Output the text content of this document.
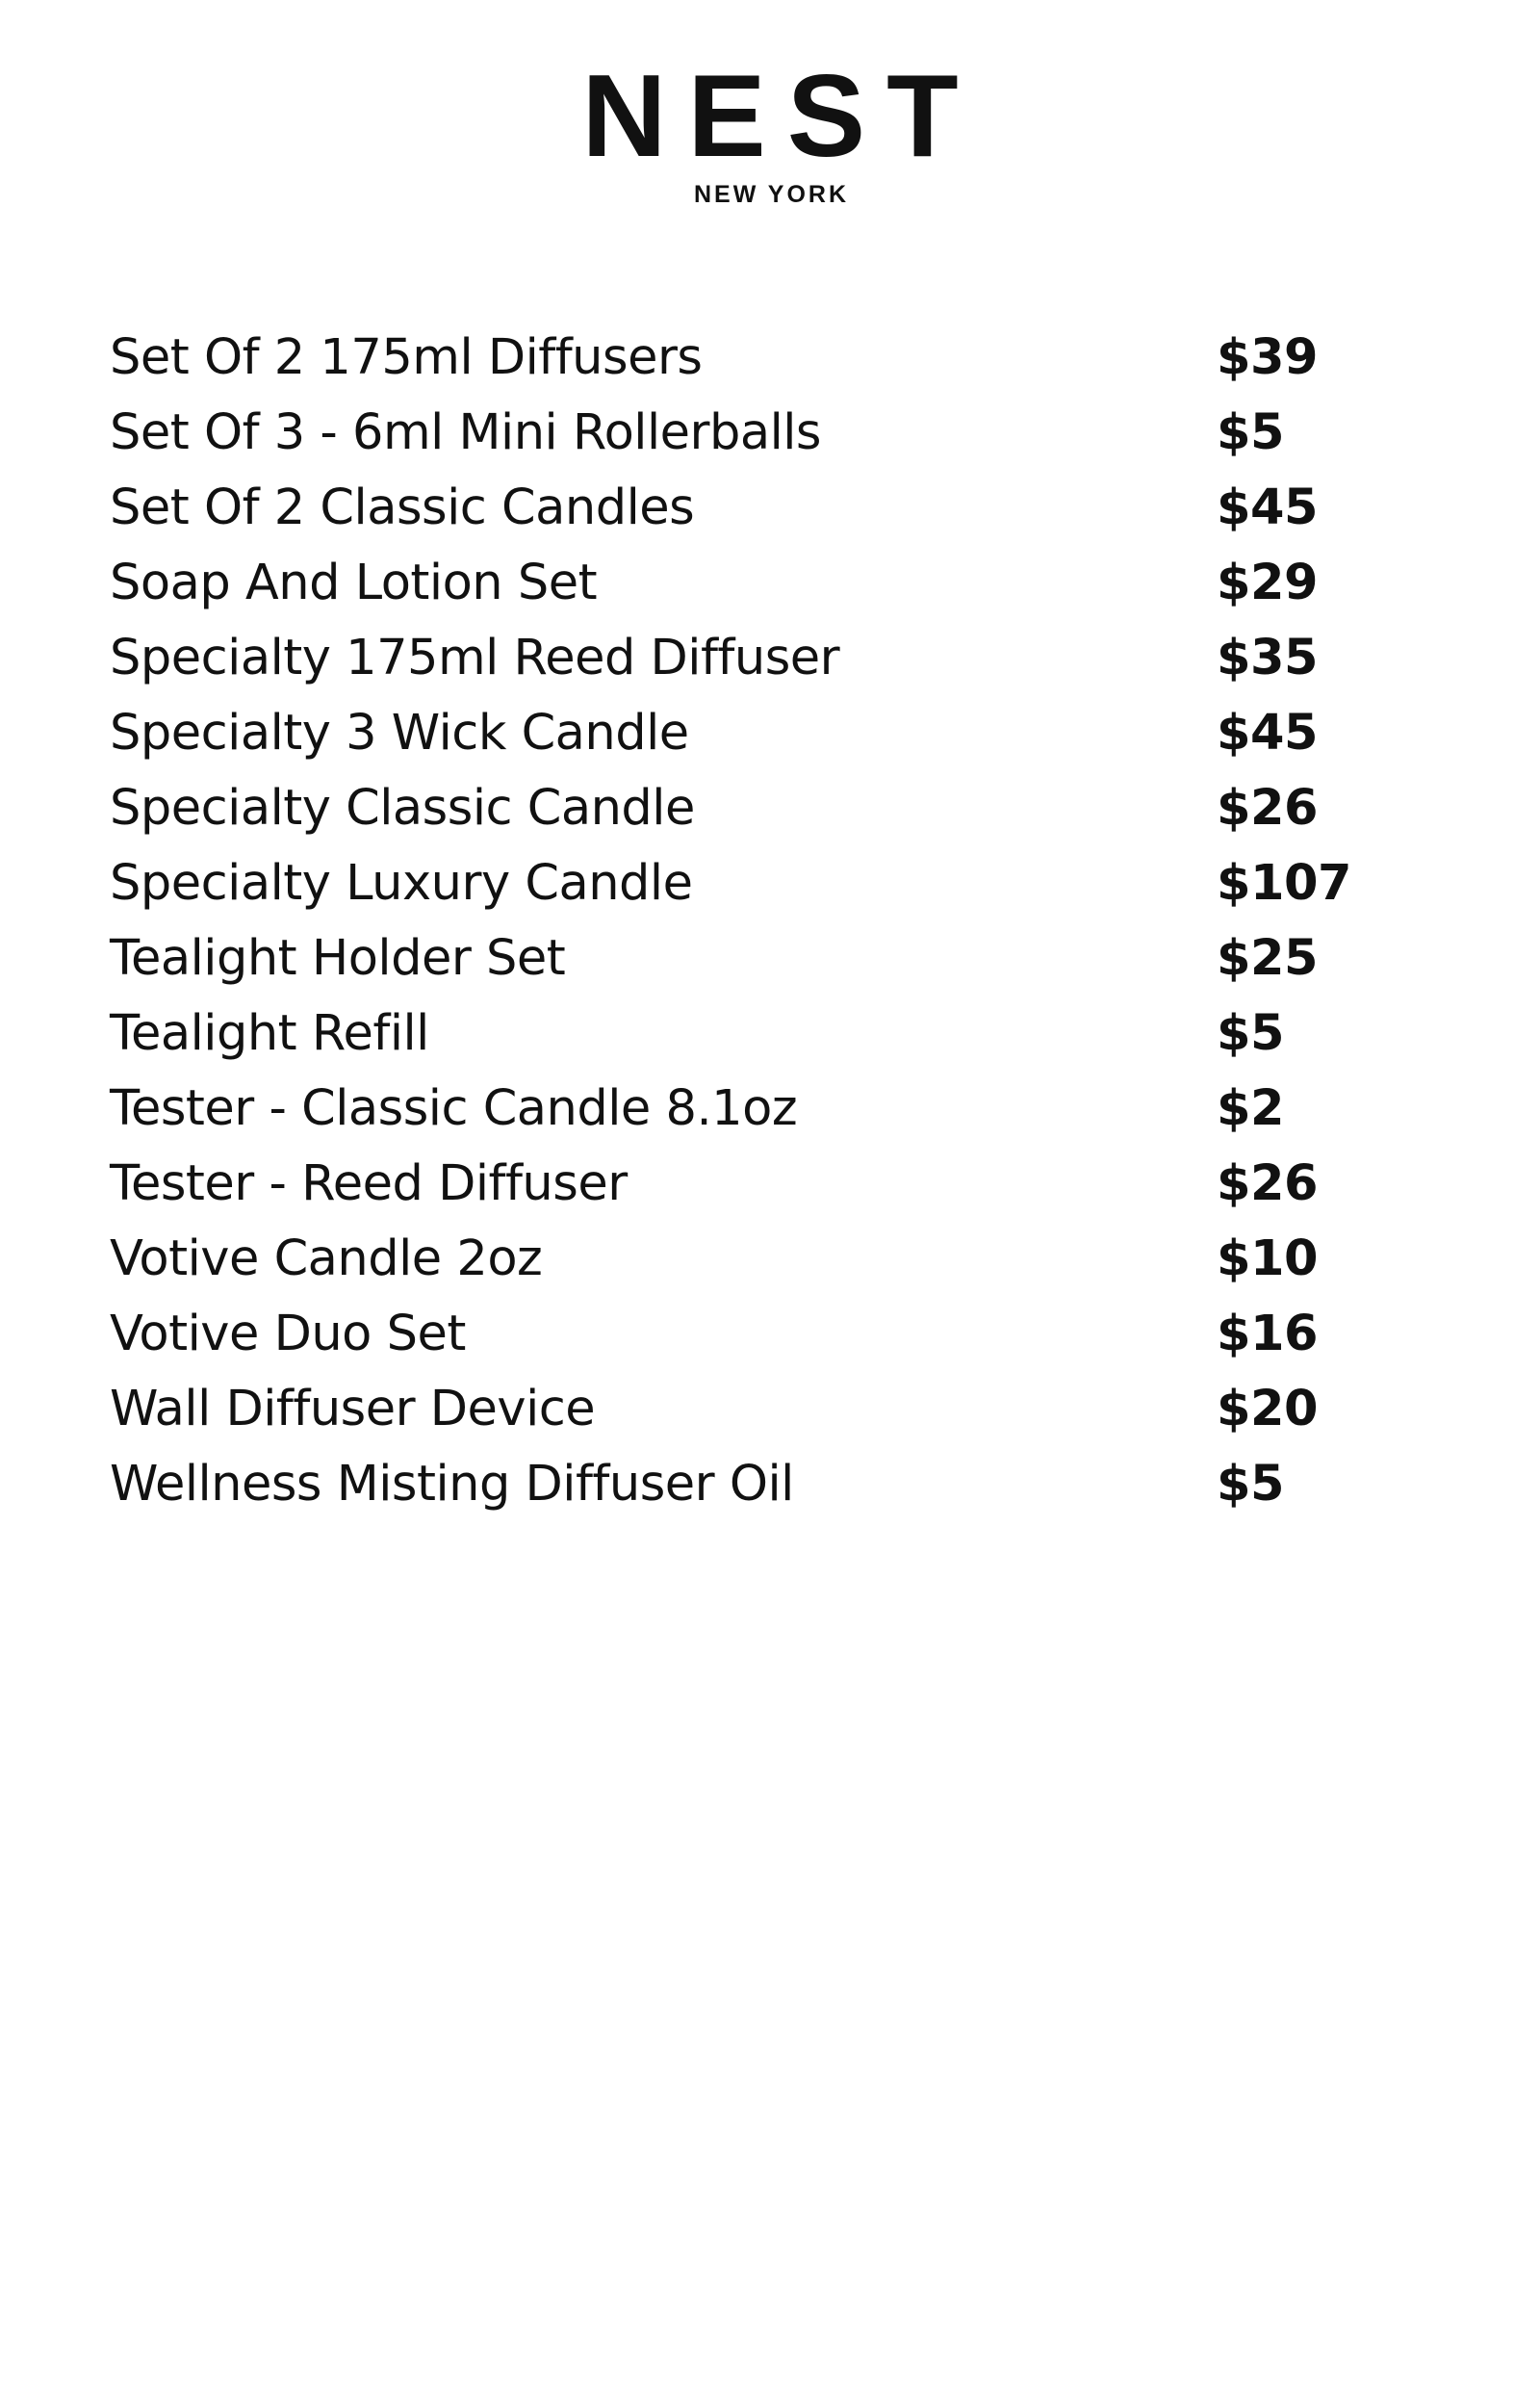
NEST
NEW YORK
Set Of 2 175ml Diffusers	$39
Set Of 3 - 6ml Mini Rollerballs	$5
Set Of 2 Classic Candles	$45
Soap And Lotion Set	$29
Specialty 175ml Reed Diffuser	$35
Specialty 3 Wick Candle	$45
Specialty Classic Candle	$26
Specialty Luxury Candle	$107
Tealight Holder Set	$25
Tealight Refill	$5
Tester - Classic Candle 8.1oz	$2
Tester - Reed Diffuser	$26
Votive Candle 2oz	$10
Votive Duo Set	$16
Wall Diffuser Device	$20
Wellness Misting Diffuser Oil	$5
